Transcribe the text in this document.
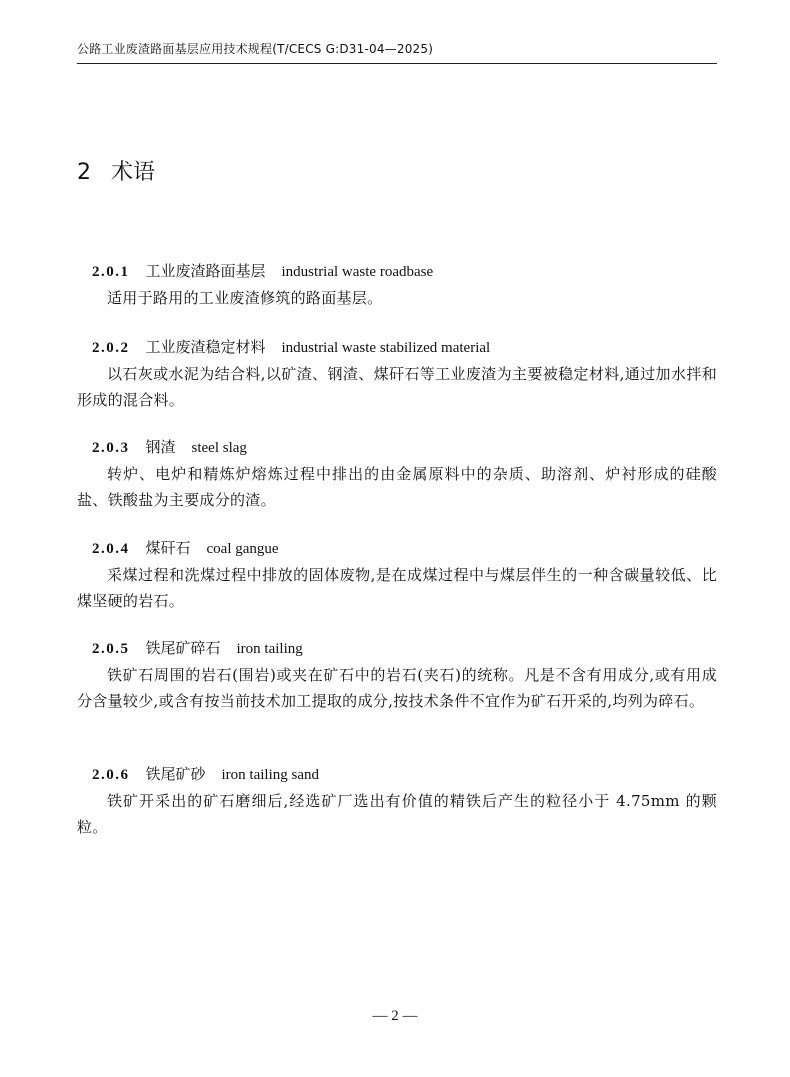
公路工业废渣路面基层应用技术规程(T/CECS G:D31-04—2025)
2 术语
2.0.1 工业废渣路面基层 industrial waste roadbase

适用于路用的工业废渣修筑的路面基层。

2.0.2 工业废渣稳定材料 industrial waste stabilized material

以石灰或水泥为结合料,以矿渣、钢渣、煤矸石等工业废渣为主要被稳定材料,通过加水拌和形成的混合料。

2.0.3 钢渣 steel slag

转炉、电炉和精炼炉熔炼过程中排出的由金属原料中的杂质、助溶剂、炉衬形成的硅酸盐、铁酸盐为主要成分的渣。

2.0.4 煤矸石 coal gangue

采煤过程和洗煤过程中排放的固体废物,是在成煤过程中与煤层伴生的一种含碳量较低、比煤坚硬的岩石。

2.0.5 铁尾矿碎石 iron tailing

铁矿石周围的岩石(围岩)或夹在矿石中的岩石(夹石)的统称。凡是不含有用成分,或有用成分含量较少,或含有按当前技术加工提取的成分,按技术条件不宜作为矿石开采的,均列为碎石。

2.0.6 铁尾矿砂 iron tailing sand

铁矿开采出的矿石磨细后,经选矿厂选出有价值的精铁后产生的粒径小于 4.75mm 的颗粒。

— 2 —
